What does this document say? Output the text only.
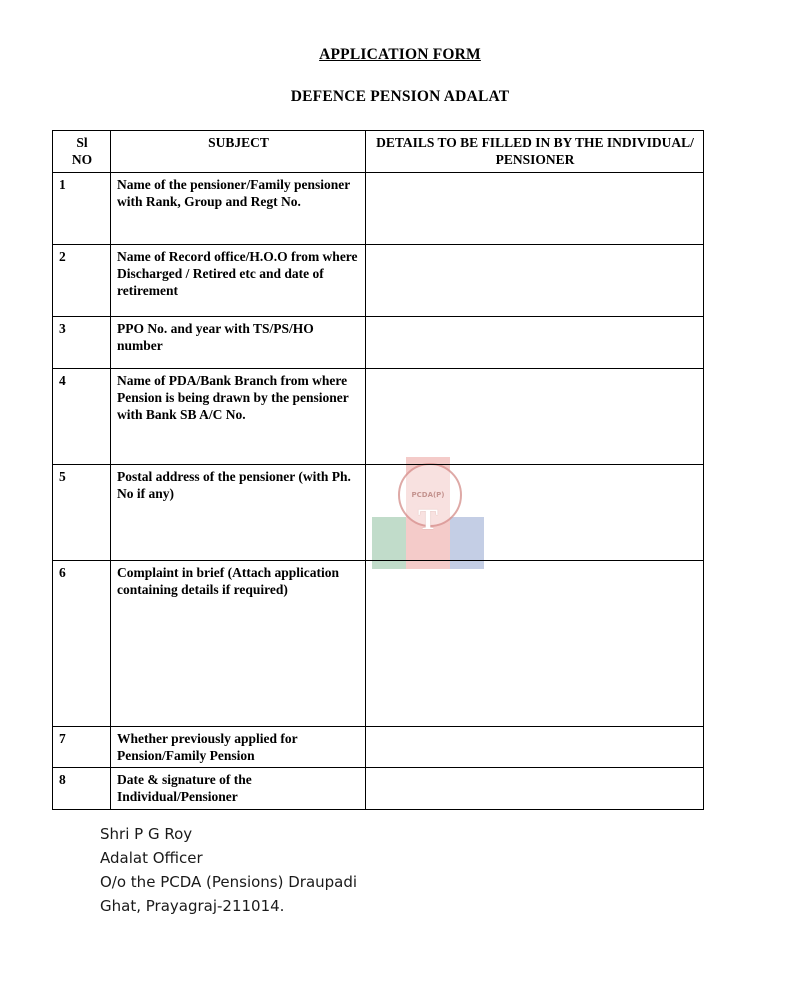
APPLICATION FORM
DEFENCE PENSION ADALAT
PCDA(P)
T
Sl
NO	SUBJECT	DETAILS TO BE FILLED IN BY THE INDIVIDUAL/ PENSIONER
1	Name of the pensioner/Family pensioner with Rank, Group and Regt No.	
2	Name of Record office/H.O.O from where Discharged / Retired etc and date of retirement	
3	PPO No. and year with TS/PS/HO number	
4	Name of PDA/Bank Branch from where Pension is being drawn by the pensioner with Bank SB A/C No.	
5	Postal address of the pensioner (with Ph. No if any)	
6	Complaint in brief (Attach application containing details if required)	
7	Whether previously applied for Pension/Family Pension	
8	Date & signature of the Individual/Pensioner	
Shri P G Roy
Adalat Officer
O/o the PCDA (Pensions) Draupadi
Ghat, Prayagraj-211014.
